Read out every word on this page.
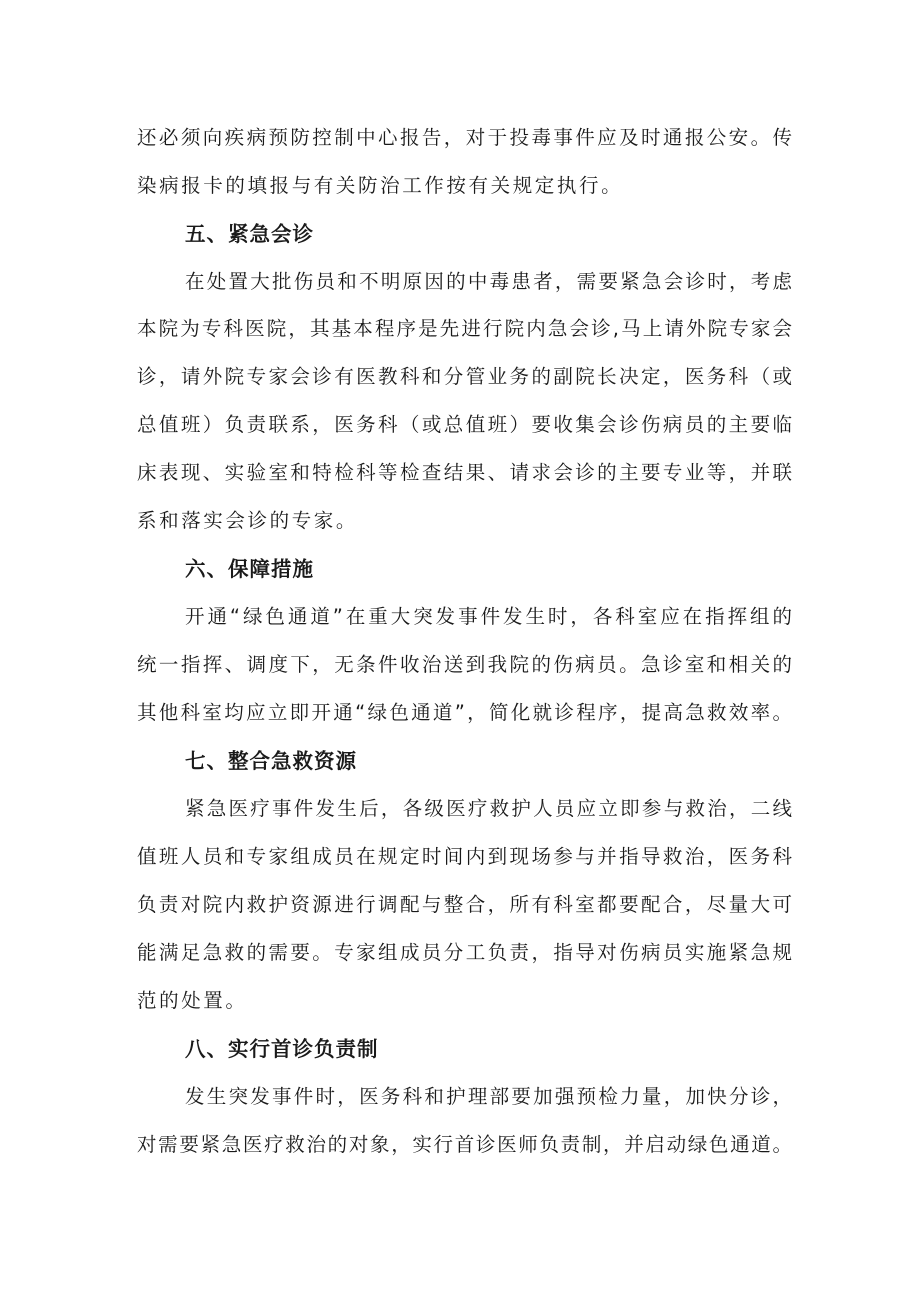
还必须向疾病预防控制中心报告，对于投毒事件应及时通报公安。传
染病报卡的填报与有关防治工作按有关规定执行。
五、紧急会诊
在处置大批伤员和不明原因的中毒患者，需要紧急会诊时，考虑
本院为专科医院，其基本程序是先进行院内急会诊,马上请外院专家会
诊，请外院专家会诊有医教科和分管业务的副院长决定，医务科（或
总值班）负责联系，医务科（或总值班）要收集会诊伤病员的主要临
床表现、实验室和特检科等检查结果、请求会诊的主要专业等，并联
系和落实会诊的专家。
六、保障措施
开通“绿色通道”在重大突发事件发生时，各科室应在指挥组的
统一指挥、调度下，无条件收治送到我院的伤病员。急诊室和相关的
其他科室均应立即开通“绿色通道”，简化就诊程序，提高急救效率。
七、整合急救资源
紧急医疗事件发生后，各级医疗救护人员应立即参与救治，二线
值班人员和专家组成员在规定时间内到现场参与并指导救治，医务科
负责对院内救护资源进行调配与整合，所有科室都要配合，尽量大可
能满足急救的需要。专家组成员分工负责，指导对伤病员实施紧急规
范的处置。
八、实行首诊负责制
发生突发事件时，医务科和护理部要加强预检力量，加快分诊，
对需要紧急医疗救治的对象，实行首诊医师负责制，并启动绿色通道。
